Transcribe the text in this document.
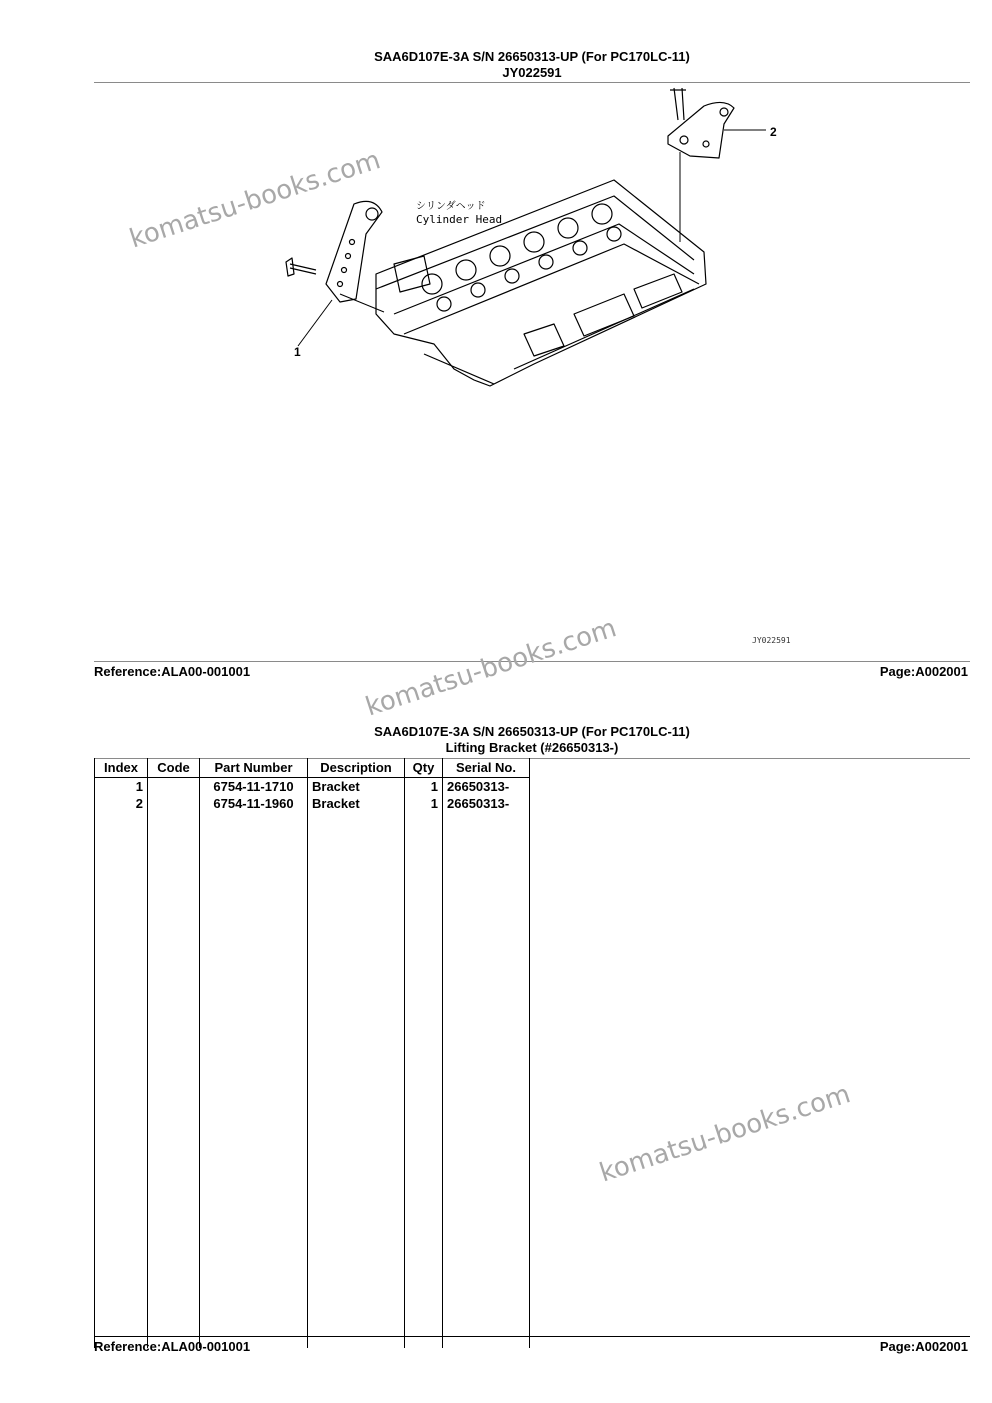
SAA6D107E-3A S/N 26650313-UP (For PC170LC-11)
JY022591
シリンダヘッド
Cylinder Head
1
2
JY022591
Reference:ALA00-001001	Page:A002001
SAA6D107E-3A S/N 26650313-UP (For PC170LC-11)
Lifting Bracket (#26650313-)
Index	Code	Part Number	Description	Qty	Serial No.	
1		6754-11-1710	Bracket	1	26650313-	
2		6754-11-1960	Bracket	1	26650313-	

Reference:ALA00-001001	Page:A002001
komatsu-books.com
komatsu-books.com
komatsu-books.com
